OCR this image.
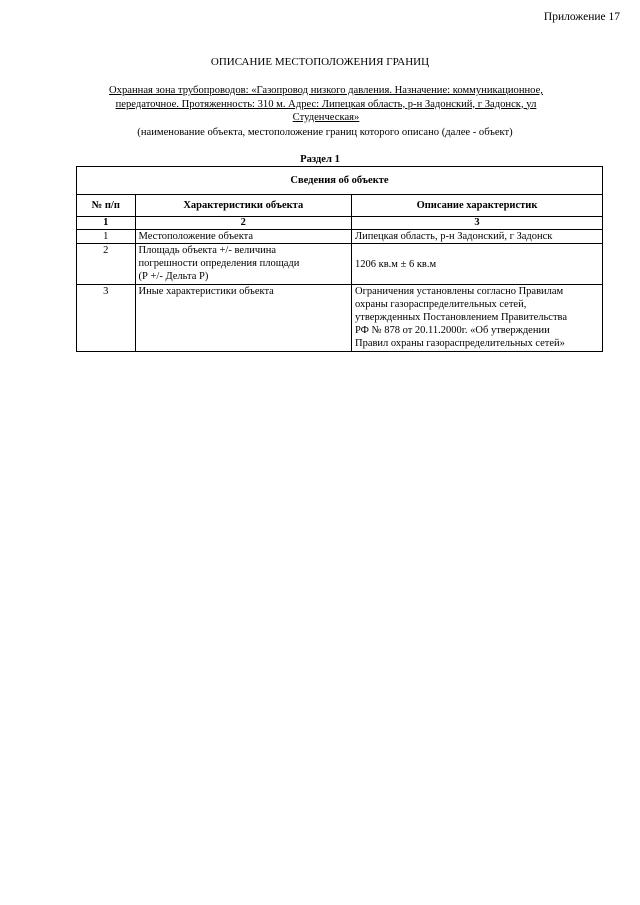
Приложение 17
ОПИСАНИЕ МЕСТОПОЛОЖЕНИЯ ГРАНИЦ
Охранная зона трубопроводов: «Газопровод низкого давления. Назначение: коммуникационное,
передаточное. Протяженность: 310 м. Адрес: Липецкая область, р-н Задонский, г Задонск, ул
Студенческая»
(наименование объекта, местоположение границ которого описано (далее - объект)
Раздел 1
Сведения об объекте		
№ п/п	Характеристики объекта	Описание характеристик
1	2	3
1	Местоположение объекта	Липецкая область, р-н Задонский, г Задонск

2	Площадь объекта +/- величина
погрешности определения площади
(Р +/- Дельта Р)	1206 кв.м ± 6 кв.м

3	Иные характеристики объекта	Ограничения установлены согласно Правилам
охраны газораспределительных сетей,
утвержденных Постановлением Правительства
РФ № 878 от 20.11.2000г. «Об утверждении
Правил охраны газораспределительных сетей»
